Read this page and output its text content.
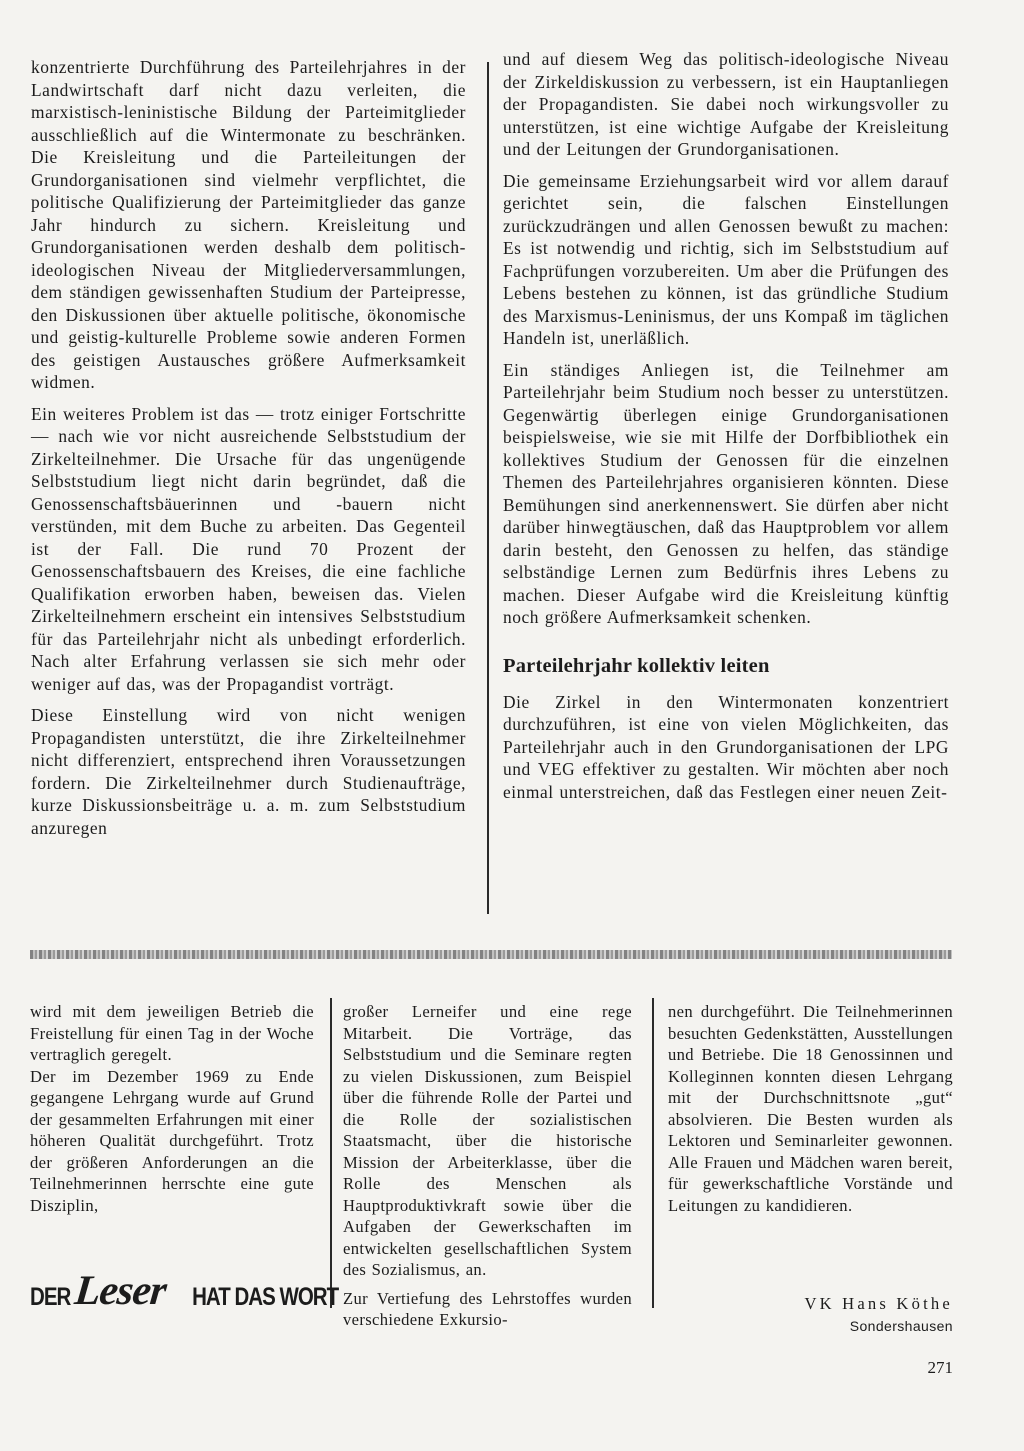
konzentrierte Durchführung des Parteilehrjahres in der Landwirtschaft darf nicht dazu verleiten, die marxistisch-leninistische Bildung der Parteimitglieder ausschließlich auf die Wintermonate zu beschränken. Die Kreisleitung und die Parteileitungen der Grundorganisationen sind vielmehr verpflichtet, die politische Qualifizierung der Parteimitglieder das ganze Jahr hindurch zu sichern. Kreisleitung und Grundorganisationen werden deshalb dem politisch-ideologischen Niveau der Mitgliederversammlungen, dem ständigen gewissenhaften Studium der Parteipresse, den Diskussionen über aktuelle politische, ökonomische und geistig-kulturelle Probleme sowie anderen Formen des geistigen Austausches größere Aufmerksamkeit widmen.

Ein weiteres Problem ist das — trotz einiger Fortschritte — nach wie vor nicht ausreichende Selbststudium der Zirkelteilnehmer. Die Ursache für das ungenügende Selbststudium liegt nicht darin begründet, daß die Genossenschaftsbäuerinnen und -bauern nicht verstünden, mit dem Buche zu arbeiten. Das Gegenteil ist der Fall. Die rund 70 Prozent der Genossenschaftsbauern des Kreises, die eine fachliche Qualifikation erworben haben, beweisen das. Vielen Zirkelteilnehmern erscheint ein intensives Selbststudium für das Parteilehrjahr nicht als unbedingt erforderlich. Nach alter Erfahrung verlassen sie sich mehr oder weniger auf das, was der Propagandist vorträgt.

Diese Einstellung wird von nicht wenigen Propagandisten unterstützt, die ihre Zirkelteilnehmer nicht differenziert, entsprechend ihren Voraussetzungen fordern. Die Zirkelteilnehmer durch Studienaufträge, kurze Diskussionsbeiträge u. a. m. zum Selbststudium anzuregen

und auf diesem Weg das politisch-ideologische Niveau der Zirkeldiskussion zu verbessern, ist ein Hauptanliegen der Propagandisten. Sie dabei noch wirkungsvoller zu unterstützen, ist eine wichtige Aufgabe der Kreisleitung und der Leitungen der Grundorganisationen.

Die gemeinsame Erziehungsarbeit wird vor allem darauf gerichtet sein, die falschen Einstellungen zurückzudrängen und allen Genossen bewußt zu machen: Es ist notwendig und richtig, sich im Selbststudium auf Fachprüfungen vorzubereiten. Um aber die Prüfungen des Lebens bestehen zu können, ist das gründliche Studium des Marxismus-Leninismus, der uns Kompaß im täglichen Handeln ist, unerläßlich.

Ein ständiges Anliegen ist, die Teilnehmer am Parteilehrjahr beim Studium noch besser zu unterstützen. Gegenwärtig überlegen einige Grundorganisationen beispielsweise, wie sie mit Hilfe der Dorfbibliothek ein kollektives Studium der Genossen für die einzelnen Themen des Parteilehrjahres organisieren könnten. Diese Bemühungen sind anerkennenswert. Sie dürfen aber nicht darüber hinwegtäuschen, daß das Hauptproblem vor allem darin besteht, den Genossen zu helfen, das ständige selbständige Lernen zum Bedürfnis ihres Lebens zu machen. Dieser Aufgabe wird die Kreisleitung künftig noch größere Aufmerksamkeit schenken.

Parteilehrjahr kollektiv leiten

Die Zirkel in den Wintermonaten konzentriert durchzuführen, ist eine von vielen Möglichkeiten, das Parteilehrjahr auch in den Grundorganisationen der LPG und VEG effektiver zu gestalten. Wir möchten aber noch einmal unterstreichen, daß das Festlegen einer neuen Zeit-

wird mit dem jeweiligen Betrieb die Freistellung für einen Tag in der Woche vertraglich geregelt.

Der im Dezember 1969 zu Ende gegangene Lehrgang wurde auf Grund der gesammelten Erfahrungen mit einer höheren Qualität durchgeführt. Trotz der größeren Anforderungen an die Teilnehmerinnen herrschte eine gute Disziplin,

großer Lerneifer und eine rege Mitarbeit. Die Vorträge, das Selbststudium und die Seminare regten zu vielen Diskussionen, zum Beispiel über die führende Rolle der Partei und die Rolle der sozialistischen Staatsmacht, über die historische Mission der Arbeiterklasse, über die Rolle des Menschen als Hauptproduktivkraft sowie über die Aufgaben der Gewerkschaften im entwickelten gesellschaftlichen System des Sozialismus, an.

Zur Vertiefung des Lehrstoffes wurden verschiedene Exkursio-

nen durchgeführt. Die Teilnehmerinnen besuchten Gedenkstätten, Ausstellungen und Betriebe. Die 18 Genossinnen und Kolleginnen konnten diesen Lehrgang mit der Durchschnittsnote „gut“ absolvieren. Die Besten wurden als Lektoren und Seminarleiter gewonnen. Alle Frauen und Mädchen waren bereit, für gewerkschaftliche Vorstände und Leitungen zu kandidieren.

DER Leser HAT DAS WORT	VK Hans Köthe

Sondershausen

271
